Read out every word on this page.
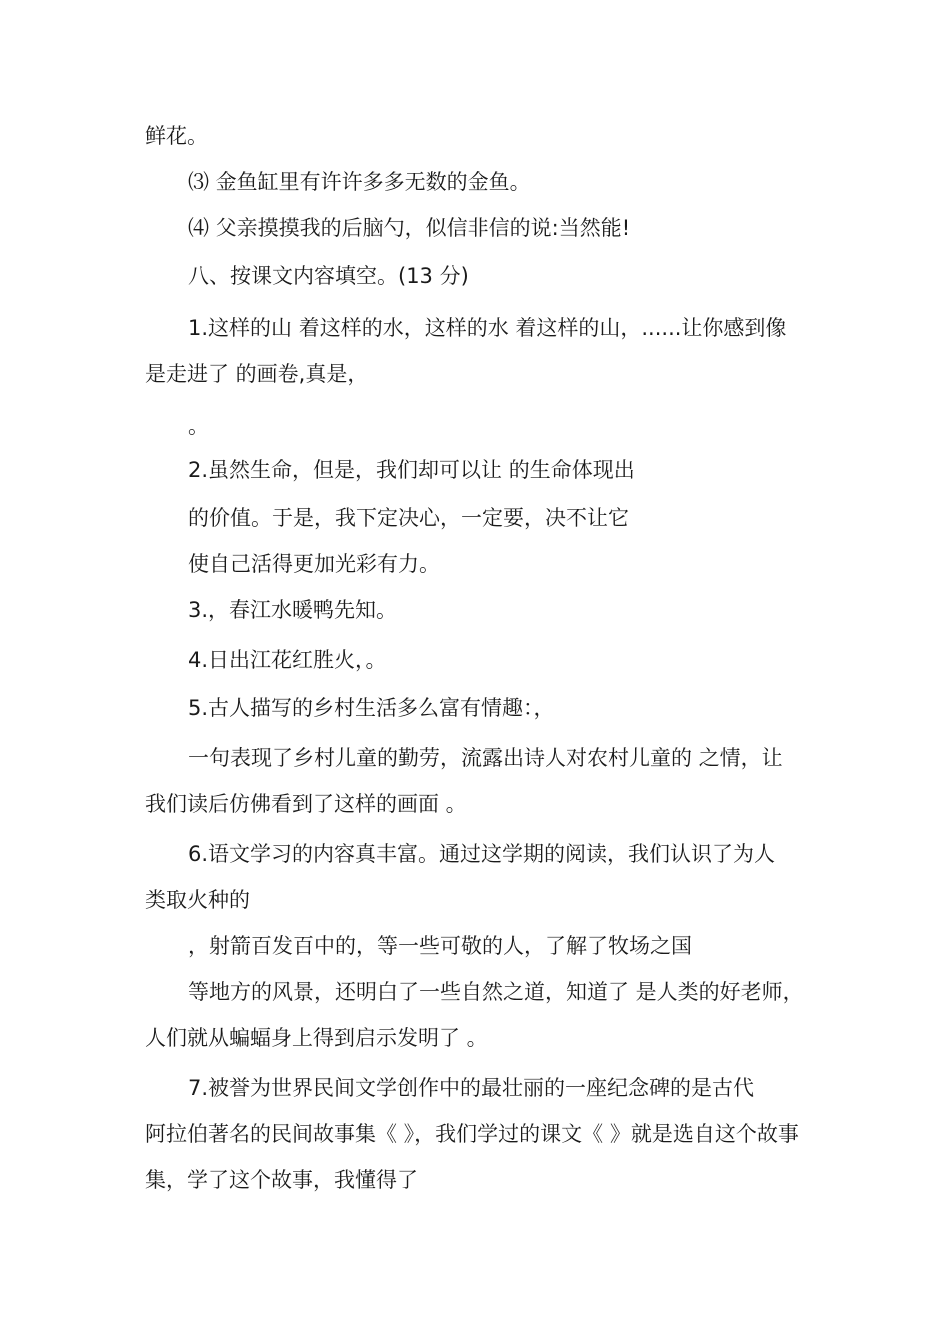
鲜花。
⑶ 金鱼缸里有许许多多无数的金鱼。
⑷ 父亲摸摸我的后脑勺，似信非信的说:当然能!
八、按课文内容填空。(13 分)
1.这样的山 着这样的水，这样的水 着这样的山，......让你感到像
是走进了 的画卷,真是，
。
2.虽然生命，但是，我们却可以让 的生命体现出
的价值。于是，我下定决心，一定要，决不让它
使自己活得更加光彩有力。
3.，春江水暖鸭先知。
4.日出江花红胜火，。
5.古人描写的乡村生活多么富有情趣：，
一句表现了乡村儿童的勤劳，流露出诗人对农村儿童的 之情，让
我们读后仿佛看到了这样的画面 。
6.语文学习的内容真丰富。通过这学期的阅读，我们认识了为人
类取火种的
，射箭百发百中的，等一些可敬的人，了解了牧场之国
等地方的风景，还明白了一些自然之道，知道了 是人类的好老师，
人们就从蝙蝠身上得到启示发明了 。
7.被誉为世界民间文学创作中的最壮丽的一座纪念碑的是古代
阿拉伯著名的民间故事集《 》，我们学过的课文《 》就是选自这个故事
集，学了这个故事，我懂得了
